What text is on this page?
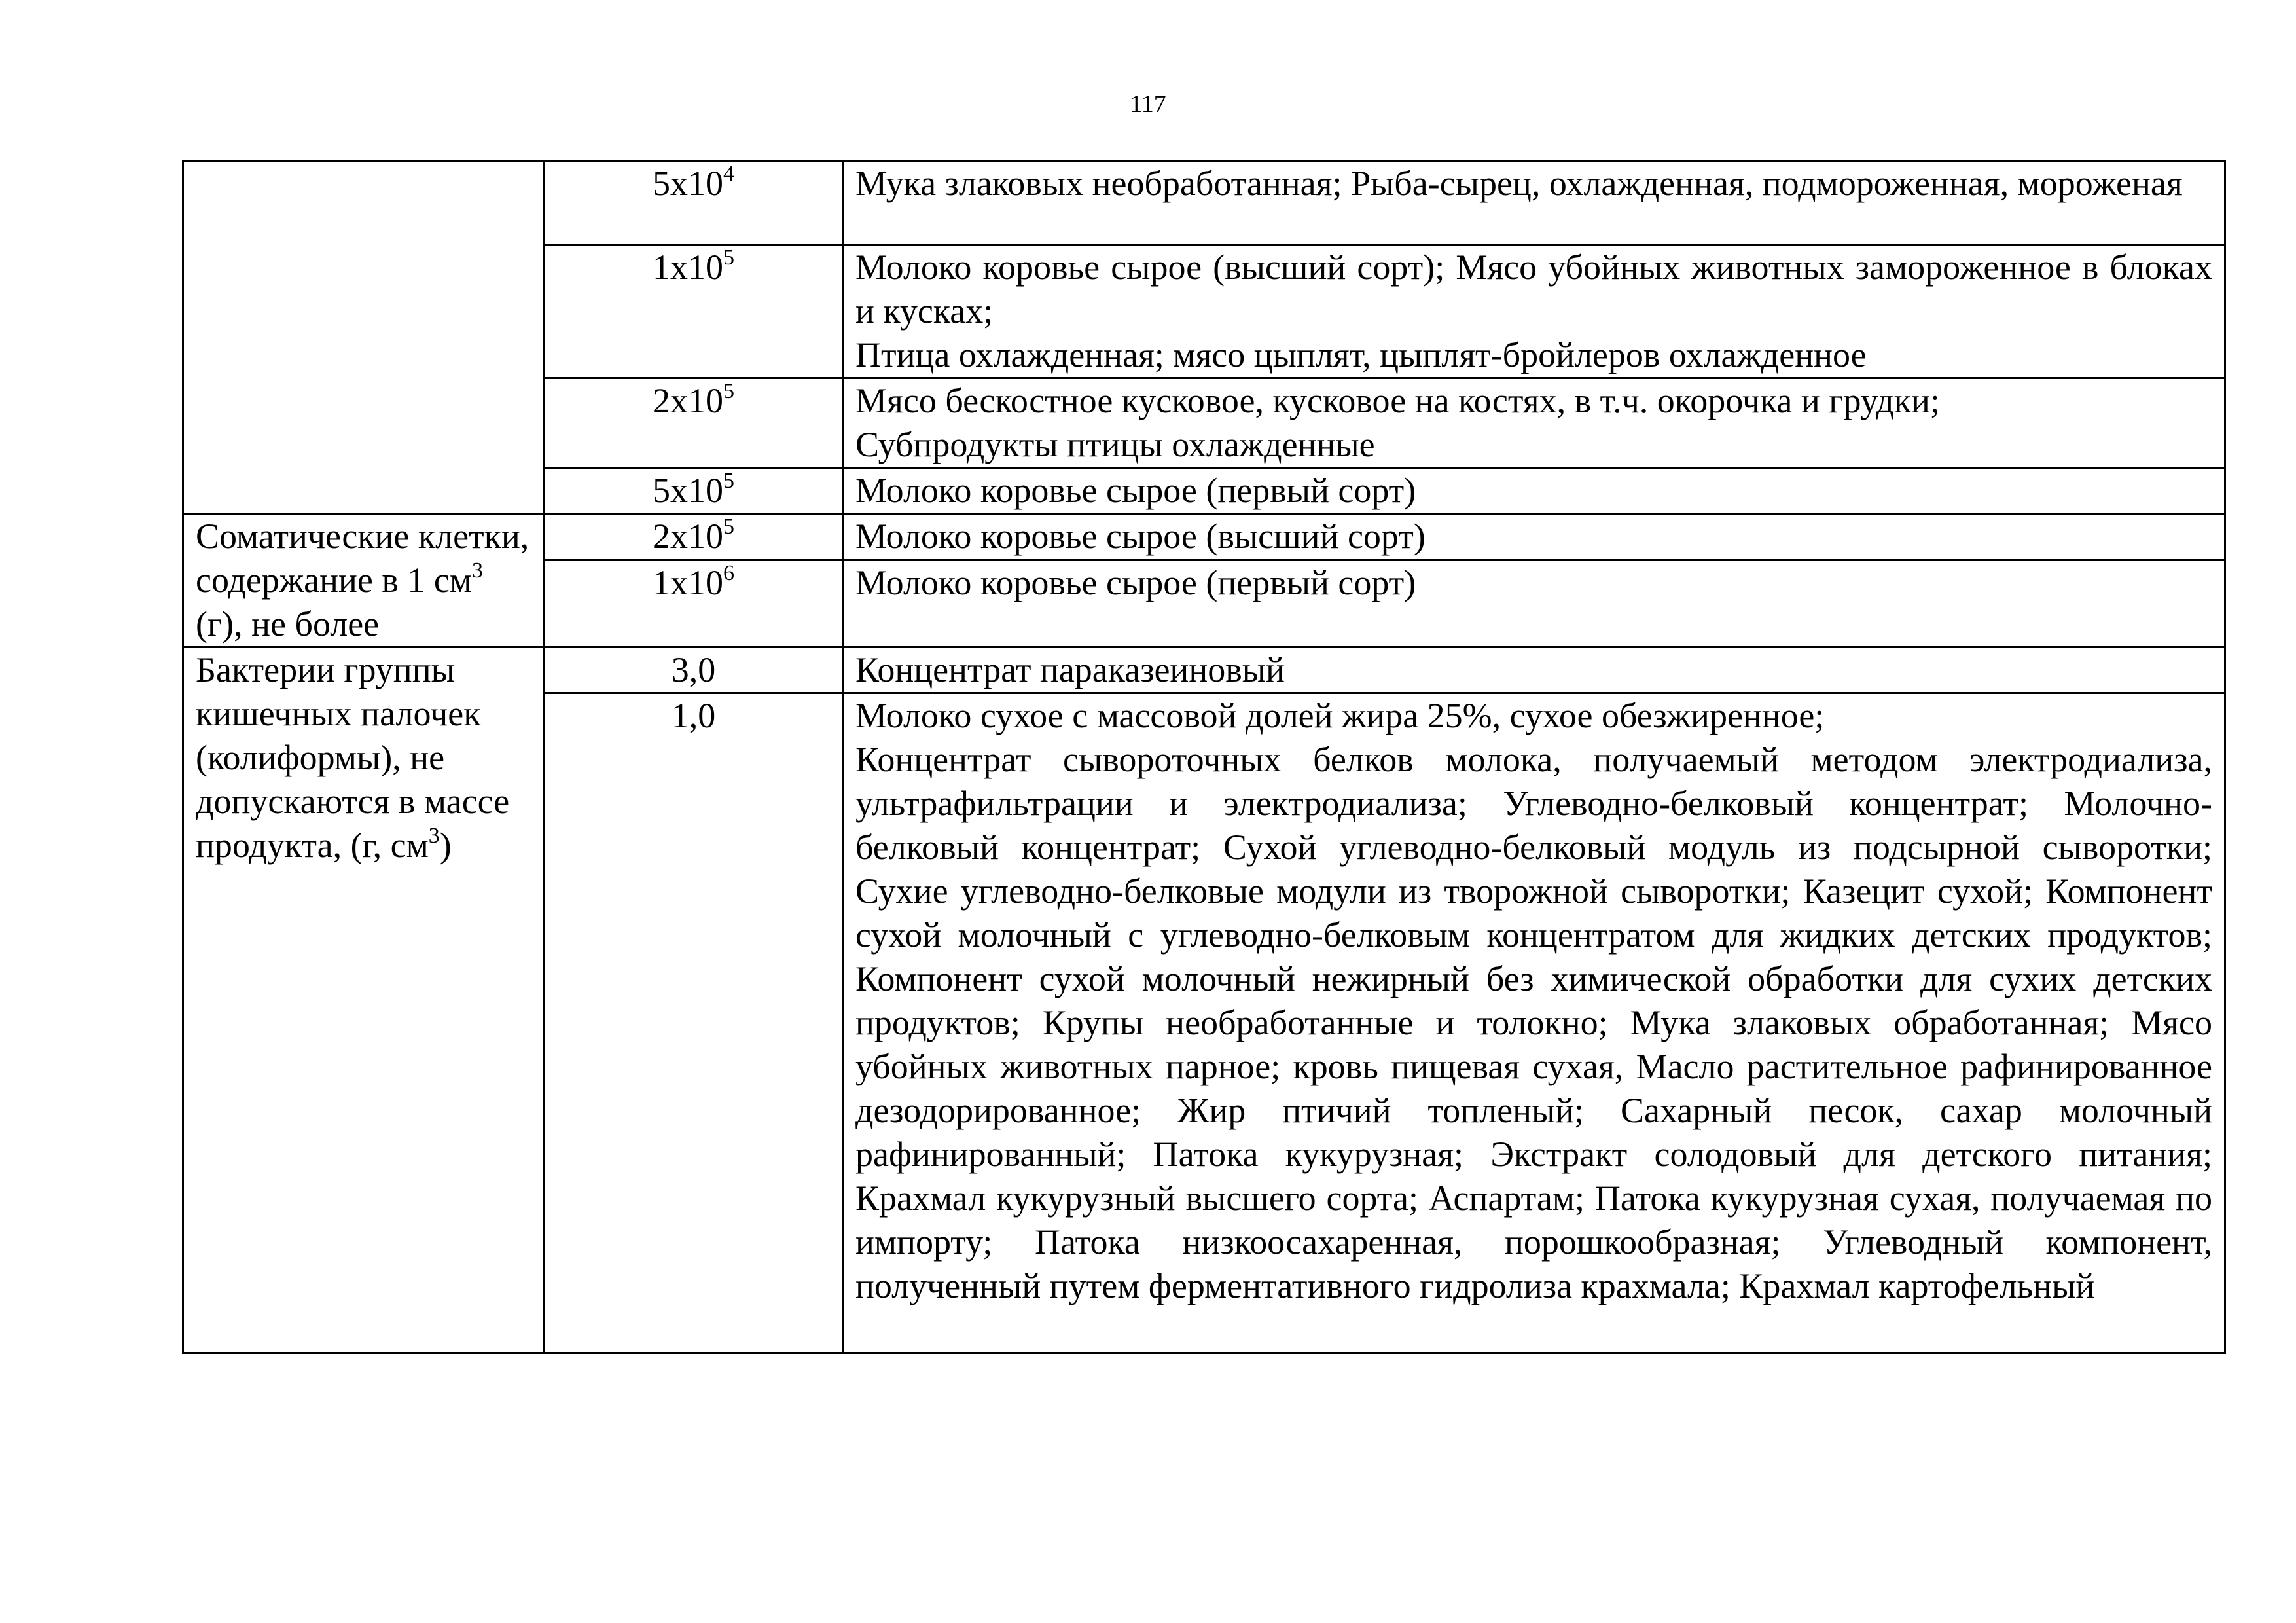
117
	$5x10^4$	Мука злаковых необработанная; Рыба-сырец, охлажденная, подмороженная, мороженая

	$1x10^5$	Молоко коровье сырое (высший сорт); Мясо убойных животных замороженное в блоках и кусках;
Птица охлажденная; мясо цыплят, цыплят-бройлеров охлажденное

	$2x10^5$	Мясо бескостное кусковое, кусковое на костях, в т.ч. окорочка и грудки;
Субпродукты птицы охлажденные

	$5x10^5$	Молоко коровье сырое (первый сорт)

Соматические клетки, содержание в 1 $см^3$ (г), не более	$2x10^5$	Молоко коровье сырое (высший сорт)

	$1x10^6$	Молоко коровье сырое (первый сорт)

Бактерии группы кишечных палочек (колиформы), не допускаются в массе продукта, (г, $см^3$)	3,0	Концентрат параказеиновый

	1,0	Молоко сухое с массовой долей жира 25%, сухое обезжиренное;
Концентрат сывороточных белков молока, получаемый методом электродиализа, ультрафильтрации и электродиализа; Углеводно-белковый концентрат; Молочно-белковый концентрат; Сухой углеводно-белковый модуль из подсырной сыворотки; Сухие углеводно-белковые модули из творожной сыворотки; Казецит сухой; Компонент сухой молочный с углеводно-белковым концентратом для жидких детских продуктов; Компонент сухой молочный нежирный без химической обработки для сухих детских продуктов; Крупы необработанные и толокно; Мука злаковых обработанная; Мясо убойных животных парное; кровь пищевая сухая, Масло растительное рафинированное дезодорированное; Жир птичий топленый; Сахарный песок, сахар молочный рафинированный; Патока кукурузная; Экстракт солодовый для детского питания; Крахмал кукурузный высшего сорта; Аспартам; Патока кукурузная сухая, получаемая по импорту; Патока низкоосахаренная, порошкообразная; Углеводный компонент, полученный путем ферментативного гидролиза крахмала; Крахмал картофельный
